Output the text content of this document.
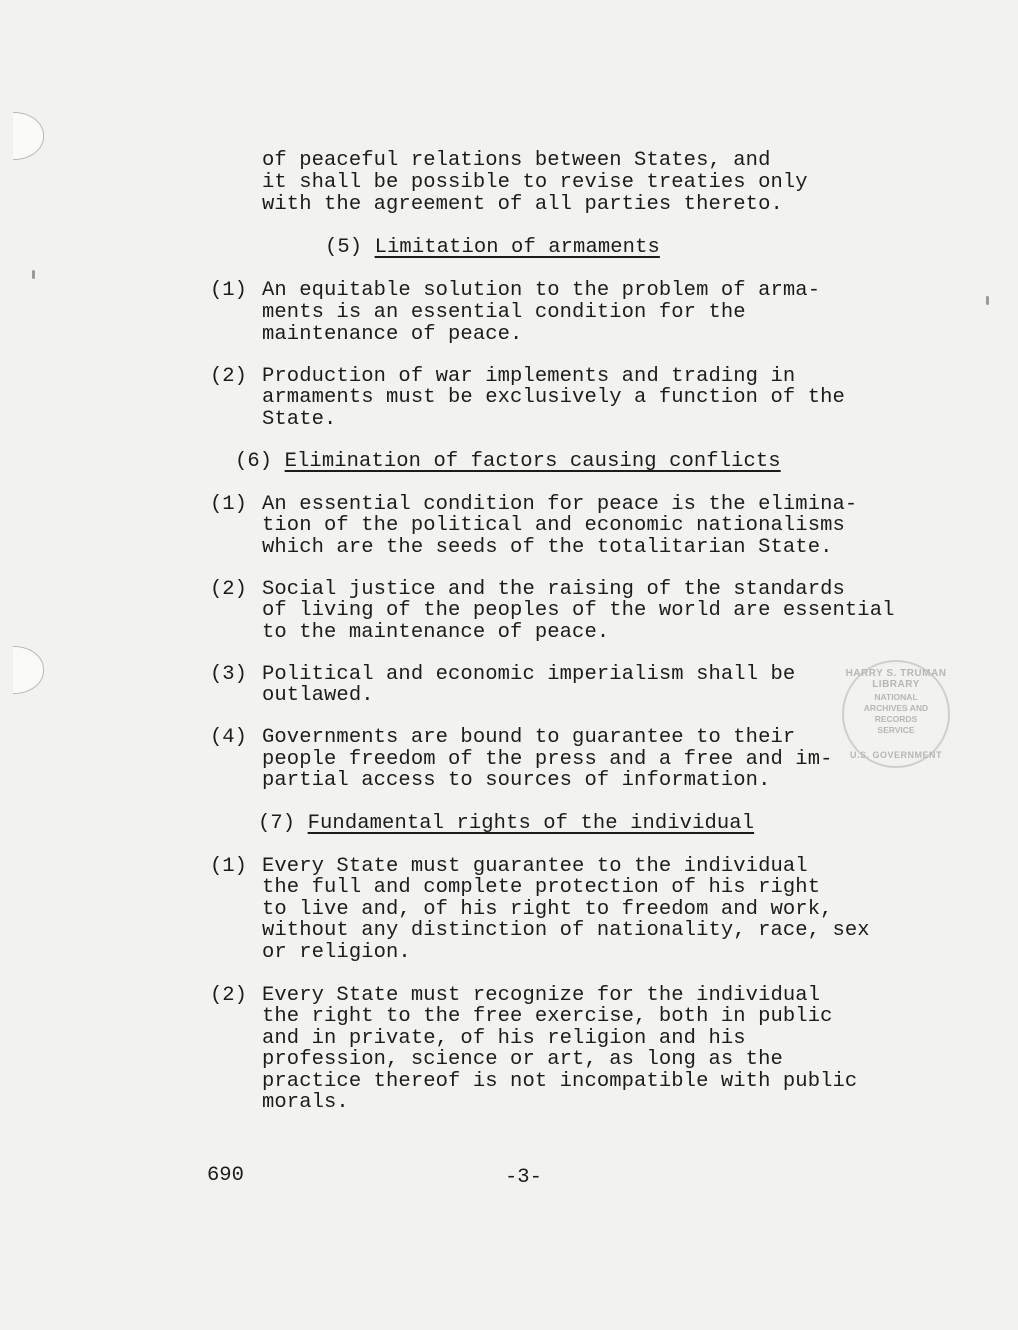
of peaceful relations between States, and
it shall be possible to revise treaties only
with the agreement of all parties thereto.
(5) Limitation of armaments
(1) An equitable solution to the problem of arma-
ments is an essential condition for the
maintenance of peace.
(2) Production of war implements and trading in
armaments must be exclusively a function of the
State.
(6) Elimination of factors causing conflicts
(1) An essential condition for peace is the elimina-
tion of the political and economic nationalisms
which are the seeds of the totalitarian State.
(2) Social justice and the raising of the standards
of living of the peoples of the world are essential
to the maintenance of peace.
(3) Political and economic imperialism shall be
outlawed.
(4) Governments are bound to guarantee to their
people freedom of the press and a free and im-
partial access to sources of information.
(7) Fundamental rights of the individual
(1) Every State must guarantee to the individual
the full and complete protection of his right
to live and, of his right to freedom and work,
without any distinction of nationality, race, sex
or religion.
(2) Every State must recognize for the individual
the right to the free exercise, both in public
and in private, of his religion and his
profession, science or art, as long as the
practice thereof is not incompatible with public
morals.
HARRY S. TRUMAN LIBRARY
NATIONAL
ARCHIVES AND
RECORDS
SERVICE
U.S. GOVERNMENT
690	-3-
